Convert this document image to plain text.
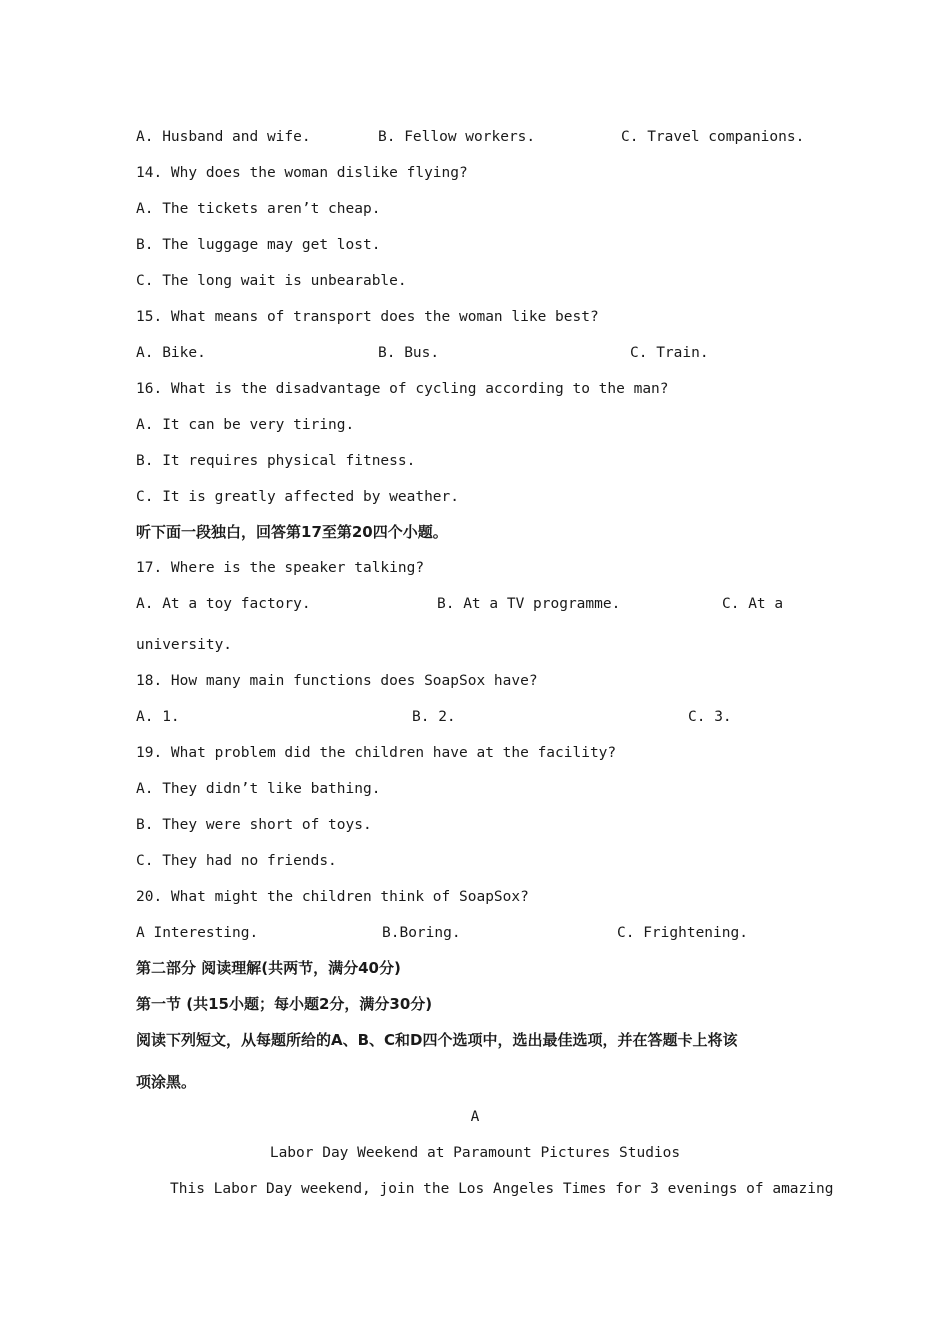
A. Husband and wife.	B. Fellow workers.	C. Travel companions.
14. Why does the woman dislike flying?
A. The tickets aren’t cheap.
B. The luggage may get lost.
C. The long wait is unbearable.
15. What means of transport does the woman like best?
A. Bike.	B. Bus.	C. Train.
16. What is the disadvantage of cycling according to the man?
A. It can be very tiring.
B. It requires physical fitness.
C. It is greatly affected by weather.
听下面一段独白，回答第17至第20四个小题。
17. Where is the speaker talking?
A. At a toy factory.	B. At a TV programme.	C. At a
university.
18. How many main functions does SoapSox have?
A. 1.	B. 2.	C. 3.
19. What problem did the children have at the facility?
A. They didn’t like bathing.
B. They were short of toys.
C. They had no friends.
20. What might the children think of SoapSox?
A Interesting.	B.Boring.	C. Frightening.
第二部分 阅读理解(共两节，满分40分)
第一节 (共15小题；每小题2分，满分30分)
阅读下列短文，从每题所给的A、B、C和D四个选项中，选出最佳选项，并在答题卡上将该
项涂黑。
A
Labor Day Weekend at Paramount Pictures Studios
This Labor Day weekend, join the Los Angeles Times for 3 evenings of amazing
